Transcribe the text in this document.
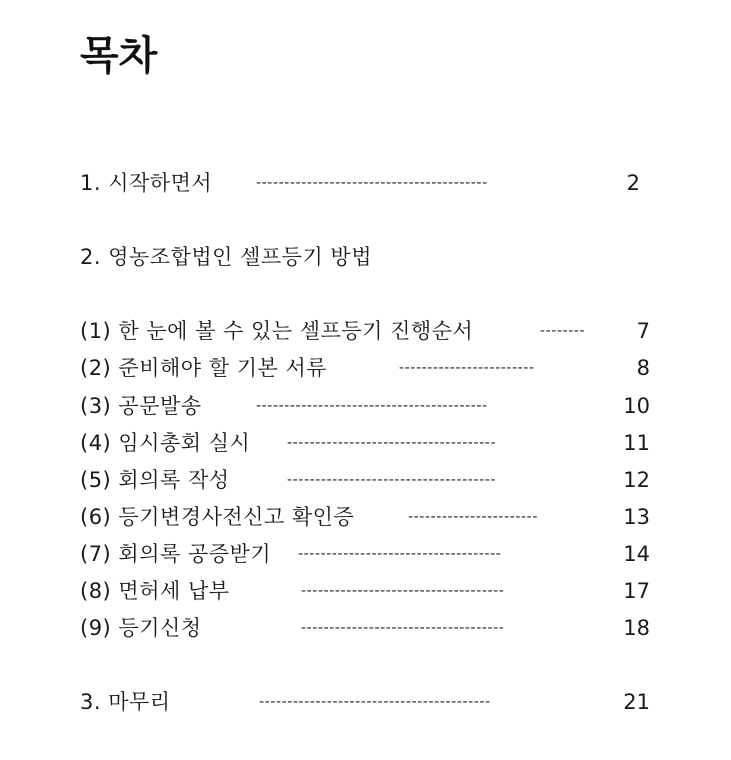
목차
1. 시작하면서	-----------------------------------------	2
2. 영농조합법인 셀프등기 방법
(1) 한 눈에 볼 수 있는 셀프등기 진행순서	--------	7
(2) 준비해야 할 기본 서류	------------------------	8
(3) 공문발송	-----------------------------------------	10
(4) 임시총회 실시	-------------------------------------	11
(5) 회의록 작성	-------------------------------------	12
(6) 등기변경사전신고 확인증	-----------------------	13
(7) 회의록 공증받기 ------------------------------------	14
(8) 면허세 납부	------------------------------------	17
(9) 등기신청	------------------------------------	18
3. 마무리	-----------------------------------------	21
